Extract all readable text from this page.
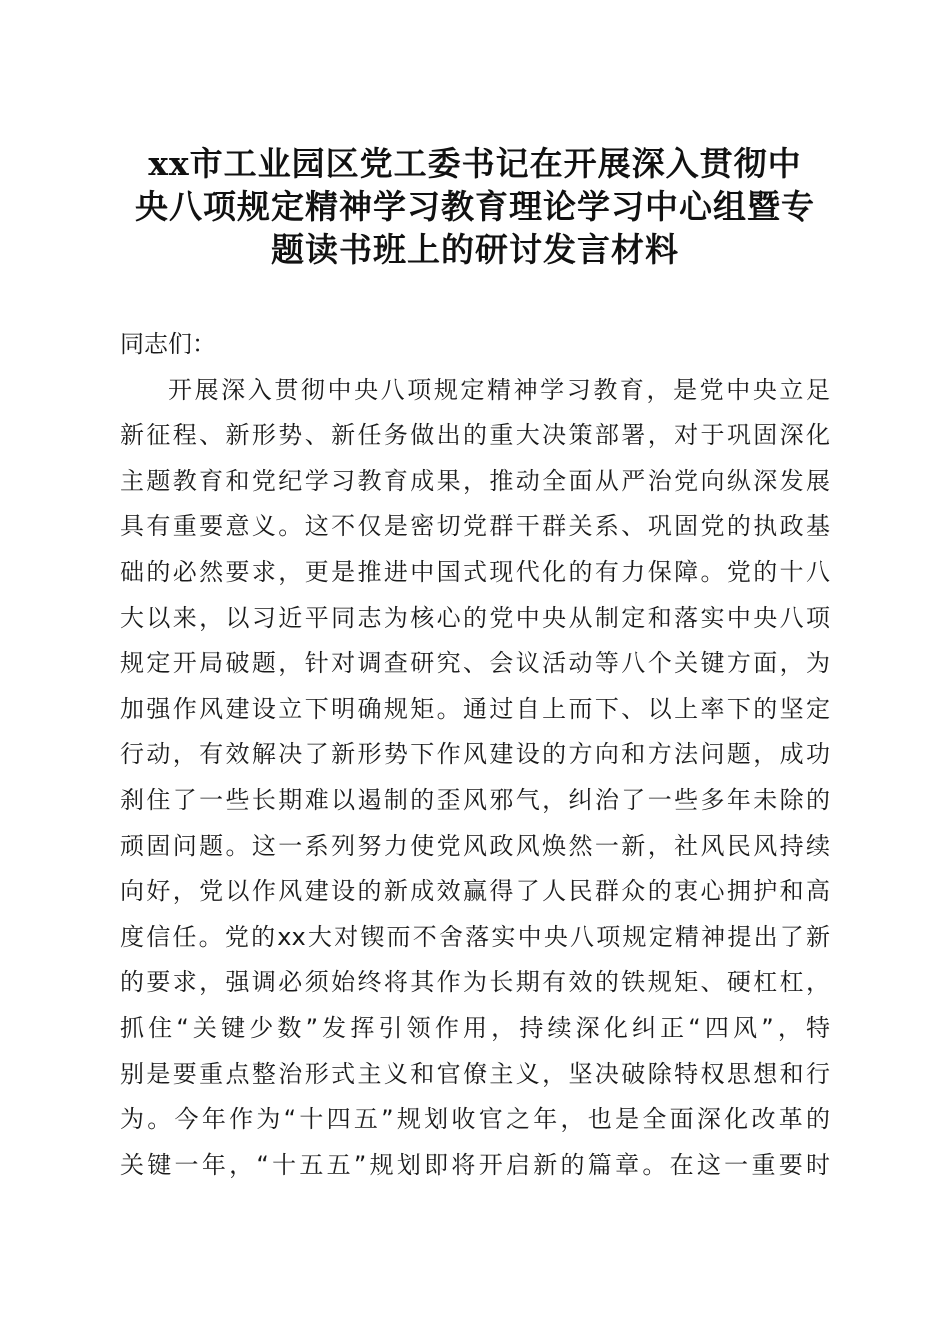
xx市工业园区党工委书记在开展深入贯彻中
央八项规定精神学习教育理论学习中心组暨专
题读书班上的研讨发言材料

同志们：

开展深入贯彻中央八项规定精神学习教育，是党中央立足
新征程、新形势、新任务做出的重大决策部署，对于巩固深化
主题教育和党纪学习教育成果，推动全面从严治党向纵深发展
具有重要意义。这不仅是密切党群干群关系、巩固党的执政基
础的必然要求，更是推进中国式现代化的有力保障。党的十八
大以来，以习近平同志为核心的党中央从制定和落实中央八项
规定开局破题，针对调查研究、会议活动等八个关键方面，为
加强作风建设立下明确规矩。通过自上而下、以上率下的坚定
行动，有效解决了新形势下作风建设的方向和方法问题，成功
刹住了一些长期难以遏制的歪风邪气，纠治了一些多年未除的
顽固问题。这一系列努力使党风政风焕然一新，社风民风持续
向好，党以作风建设的新成效赢得了人民群众的衷心拥护和高
度信任。党的xx大对锲而不舍落实中央八项规定精神提出了新
的要求，强调必须始终将其作为长期有效的铁规矩、硬杠杠，
抓住“关键少数”发挥引领作用，持续深化纠正“四风”，特
别是要重点整治形式主义和官僚主义，坚决破除特权思想和行
为。今年作为“十四五”规划收官之年，也是全面深化改革的
关键一年，“十五五”规划即将开启新的篇章。在这一重要时
